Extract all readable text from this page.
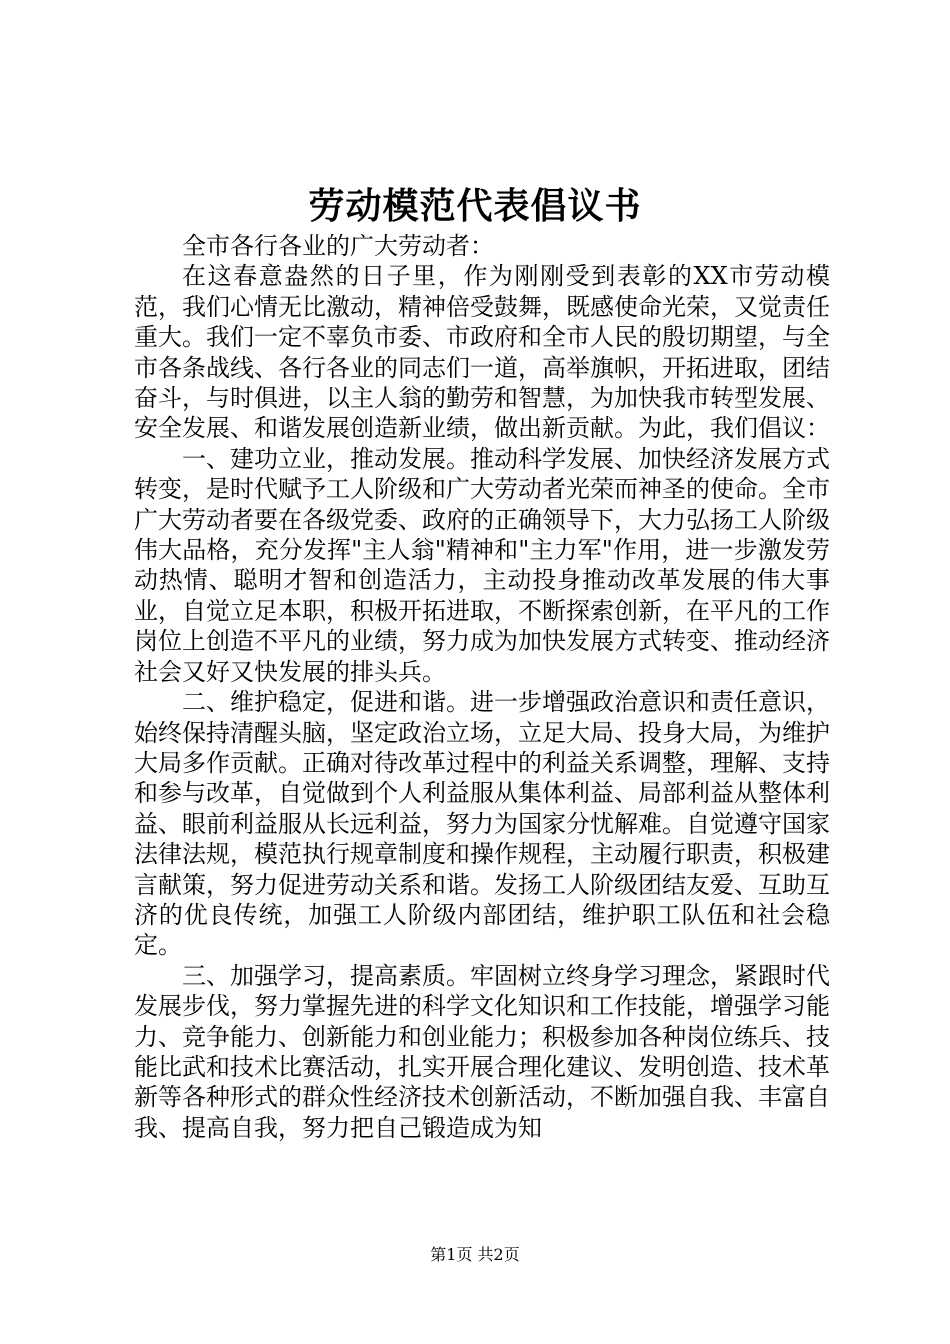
劳动模范代表倡议书

全市各行各业的广大劳动者：

在这春意盎然的日子里，作为刚刚受到表彰的XX市劳动模范，我们心情无比激动，精神倍受鼓舞，既感使命光荣，又觉责任重大。我们一定不辜负市委、市政府和全市人民的殷切期望，与全市各条战线、各行各业的同志们一道，高举旗帜，开拓进取，团结奋斗，与时俱进，以主人翁的勤劳和智慧，为加快我市转型发展、安全发展、和谐发展创造新业绩，做出新贡献。为此，我们倡议：

一、建功立业，推动发展。推动科学发展、加快经济发展方式转变，是时代赋予工人阶级和广大劳动者光荣而神圣的使命。全市广大劳动者要在各级党委、政府的正确领导下，大力弘扬工人阶级伟大品格，充分发挥"主人翁"精神和"主力军"作用，进一步激发劳动热情、聪明才智和创造活力，主动投身推动改革发展的伟大事业，自觉立足本职，积极开拓进取，不断探索创新，在平凡的工作岗位上创造不平凡的业绩，努力成为加快发展方式转变、推动经济社会又好又快发展的排头兵。

二、维护稳定，促进和谐。进一步增强政治意识和责任意识，始终保持清醒头脑，坚定政治立场，立足大局、投身大局，为维护大局多作贡献。正确对待改革过程中的利益关系调整，理解、支持和参与改革，自觉做到个人利益服从集体利益、局部利益从整体利益、眼前利益服从长远利益，努力为国家分忧解难。自觉遵守国家法律法规，模范执行规章制度和操作规程，主动履行职责，积极建言献策，努力促进劳动关系和谐。发扬工人阶级团结友爱、互助互济的优良传统，加强工人阶级内部团结，维护职工队伍和社会稳定。

三、加强学习，提高素质。牢固树立终身学习理念，紧跟时代发展步伐，努力掌握先进的科学文化知识和工作技能，增强学习能力、竞争能力、创新能力和创业能力；积极参加各种岗位练兵、技能比武和技术比赛活动，扎实开展合理化建议、发明创造、技术革新等各种形式的群众性经济技术创新活动，不断加强自我、丰富自我、提高自我，努力把自己锻造成为知

第1页 共2页
